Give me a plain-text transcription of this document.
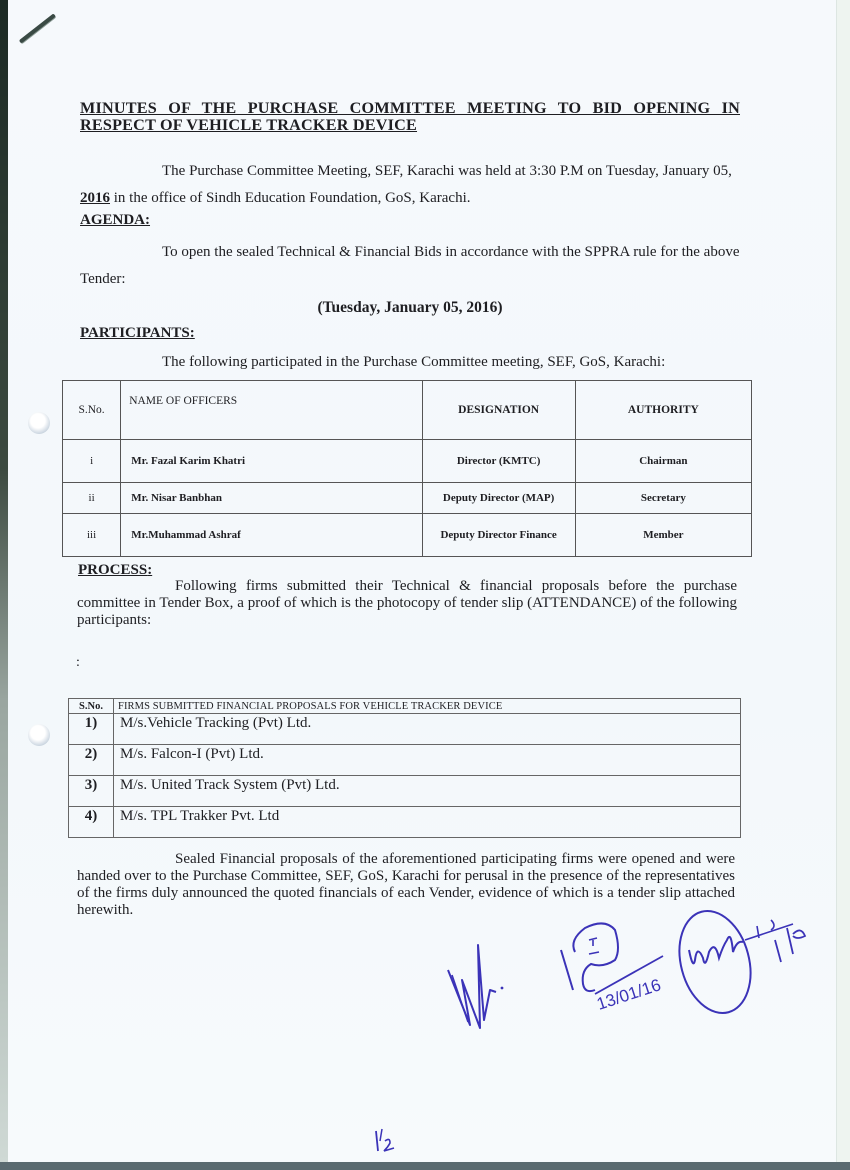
MINUTES OF THE PURCHASE COMMITTEE MEETING TO BID OPENING IN
RESPECT OF VEHICLE TRACKER DEVICE
The Purchase Committee Meeting, SEF, Karachi was held at 3:30 P.M on Tuesday, January 05, 2016 in the office of Sindh Education Foundation, GoS, Karachi.
AGENDA:
To open the sealed Technical & Financial Bids in accordance with the SPPRA rule for the above Tender:
(Tuesday, January 05, 2016)
PARTICIPANTS:
The following participated in the Purchase Committee meeting, SEF, GoS, Karachi:
S.No.	NAME OF OFFICERS	DESIGNATION	AUTHORITY
i	Mr. Fazal Karim Khatri	Director (KMTC)	Chairman
ii	Mr. Nisar Banbhan	Deputy Director (MAP)	Secretary
iii	Mr.Muhammad Ashraf	Deputy Director Finance	Member
PROCESS:
Following firms submitted their Technical & financial proposals before the purchase committee in Tender Box, a proof of which is the photocopy of tender slip (ATTENDANCE) of the following participants:
:
S.No.	FIRMS SUBMITTED FINANCIAL PROPOSALS FOR VEHICLE TRACKER DEVICE
1)	M/s.Vehicle Tracking (Pvt) Ltd.
2)	M/s. Falcon-I (Pvt) Ltd.
3)	M/s. United Track System (Pvt) Ltd.
4)	M/s. TPL Trakker Pvt. Ltd
Sealed Financial proposals of the aforementioned participating firms were opened and were handed over to the Purchase Committee, SEF, GoS, Karachi for perusal in the presence of the representatives of the firms duly announced the quoted financials of each Vender, evidence of which is a tender slip attached herewith.
13/01/16
